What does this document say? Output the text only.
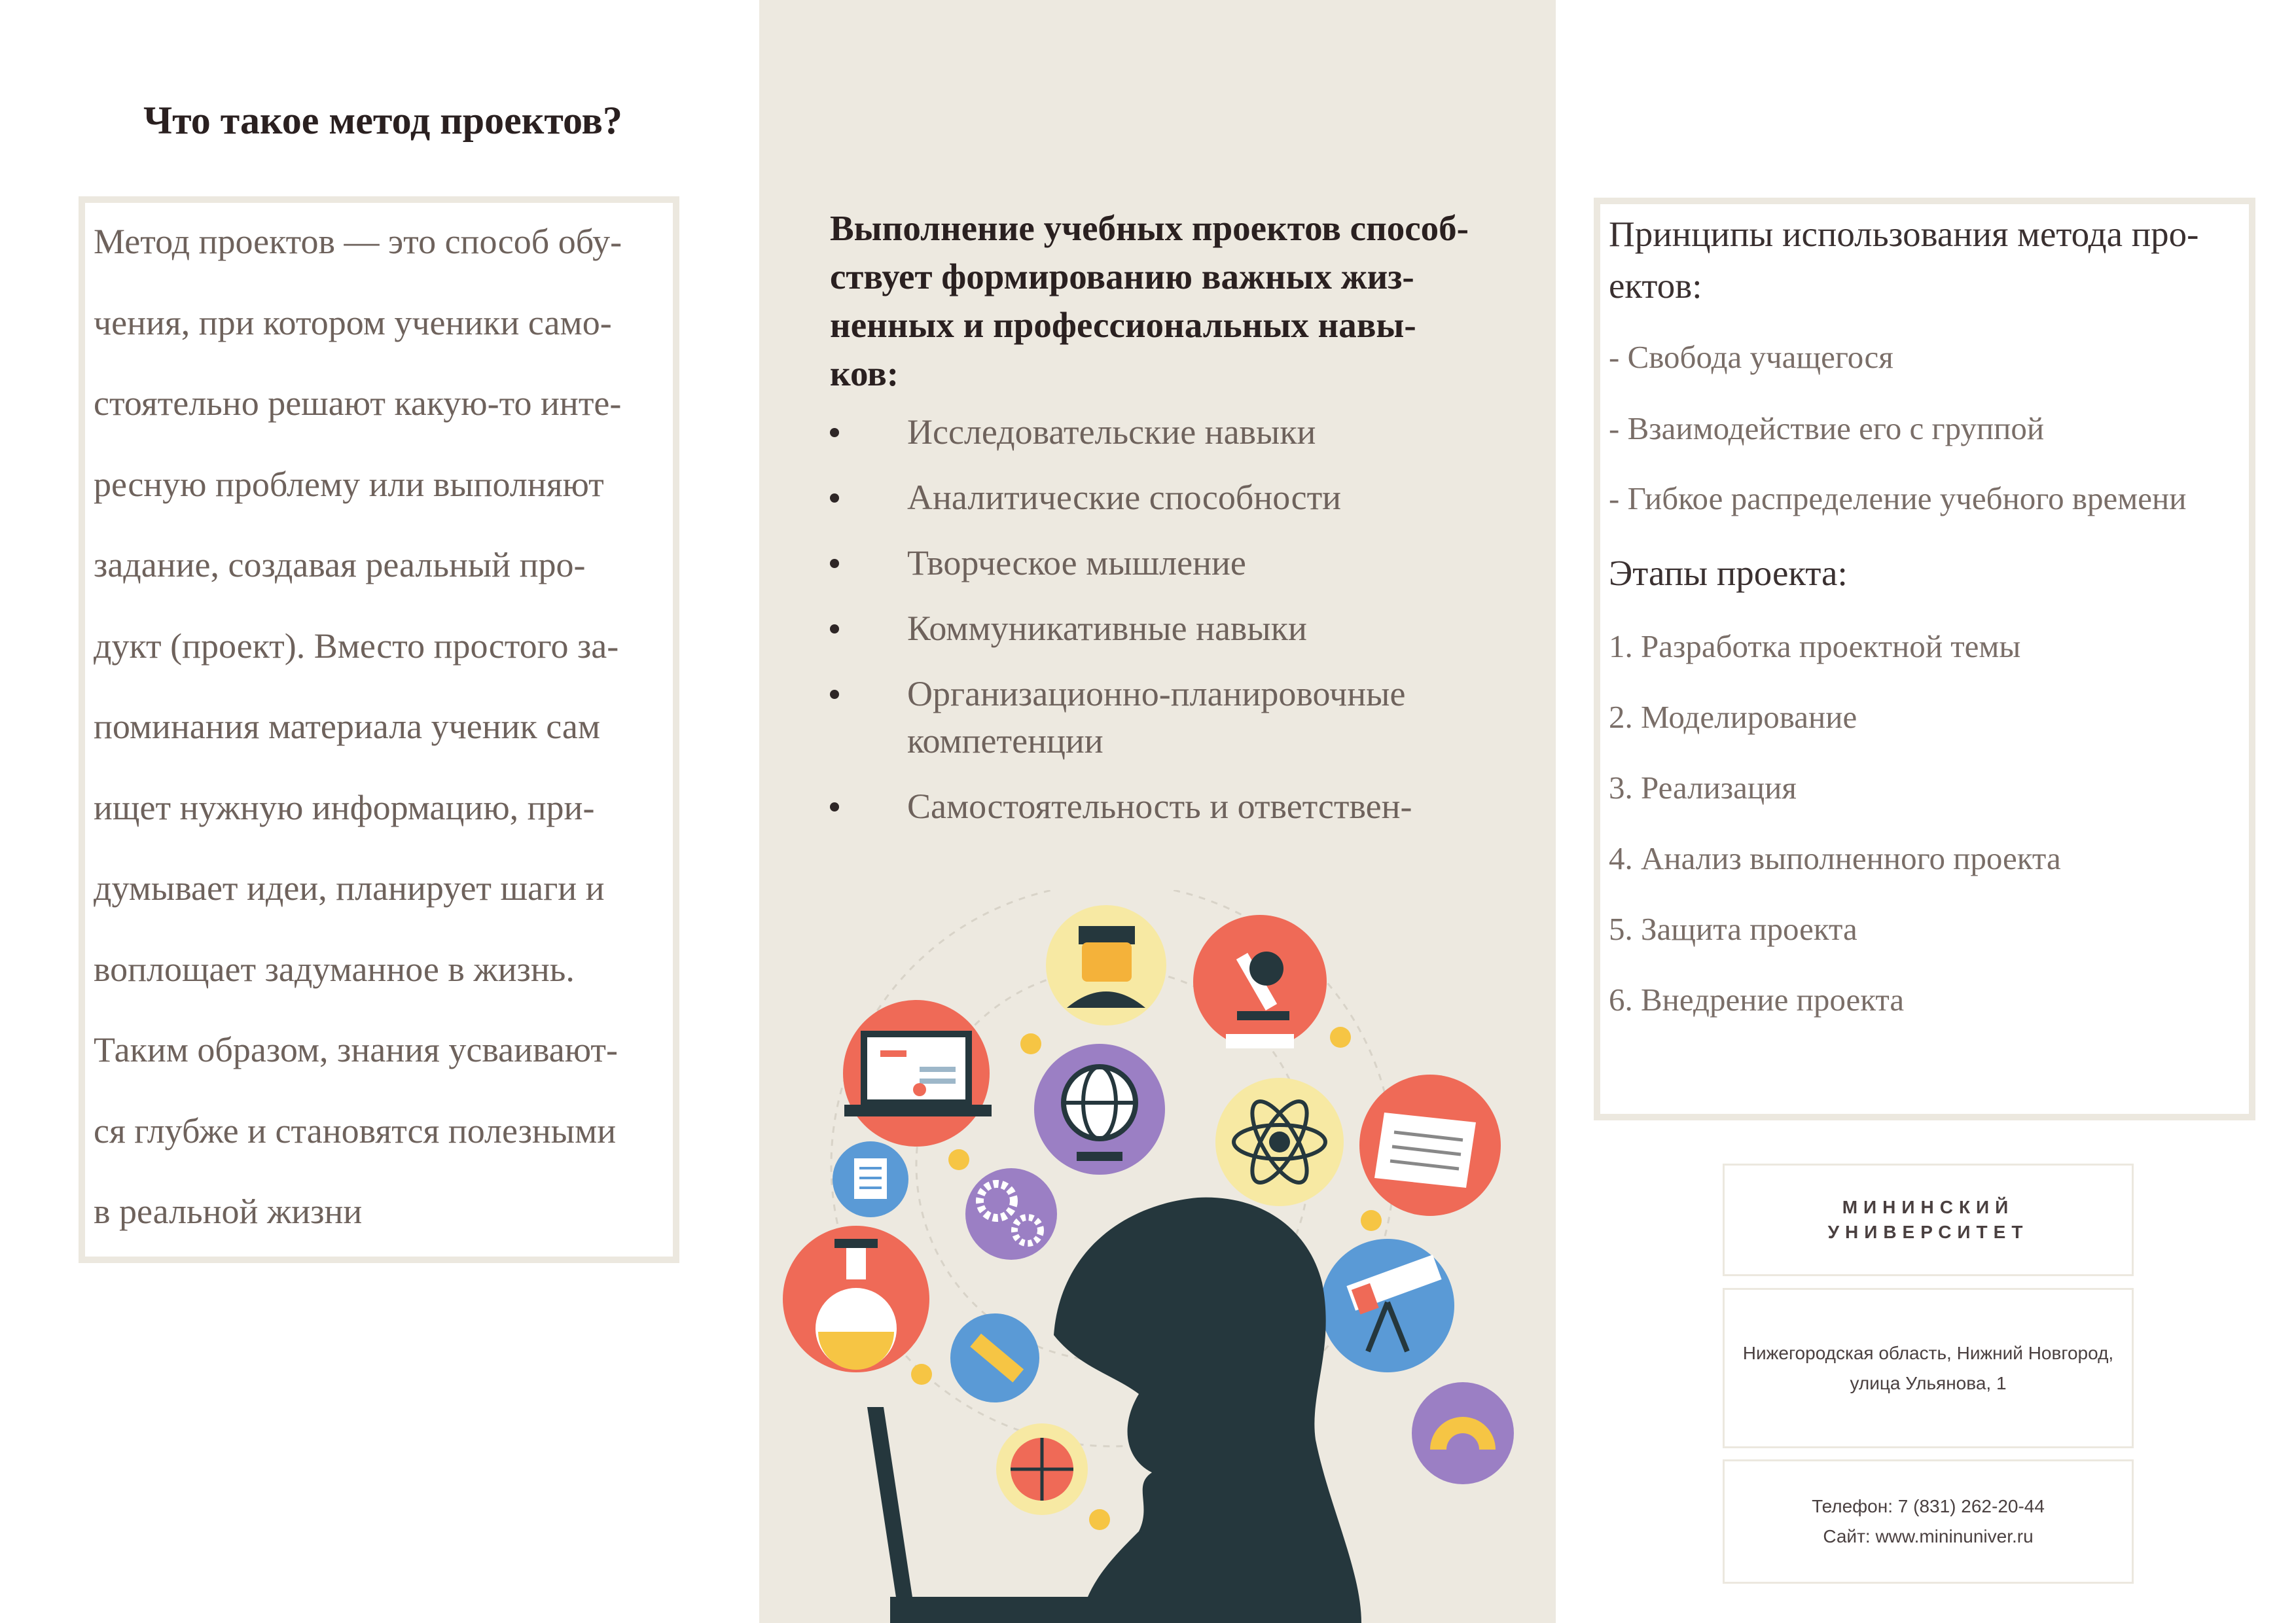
Что такое метод проектов?
Метод проектов — это способ обу-
чения, при котором ученики само-
стоятельно решают какую-то инте-
ресную проблему или выполняют
задание, создавая реальный про-
дукт (проект). Вместо простого за-
поминания материала ученик сам
ищет нужную информацию, при-
думывает идеи, планирует шаги и
воплощает задуманное в жизнь.
Таким образом, знания усваивают-
ся глубже и становятся полезными
в реальной жизни
Выполнение учебных проектов способ-
ствует формированию важных жиз-
ненных и профессиональных навы-
ков:
Исследовательские навыки
Аналитические способности
Творческое мышление
Коммуникативные навыки
Организационно-планировочные
компетенции
Самостоятельность и ответствен-
Принципы использования метода про-
ектов:
- Свобода учащегося
- Взаимодействие его с группой
- Гибкое распределение учебного времени
Этапы проекта:
1. Разработка проектной темы
2. Моделирование
3. Реализация
4. Анализ выполненного проекта
5. Защита проекта
6. Внедрение проекта
МИНИНСКИЙ
УНИВЕРСИТЕТ
Нижегородская область, Нижний Новгород,
улица Ульянова, 1
Телефон: 7 (831) 262-20-44
Сайт: www.mininuniver.ru
